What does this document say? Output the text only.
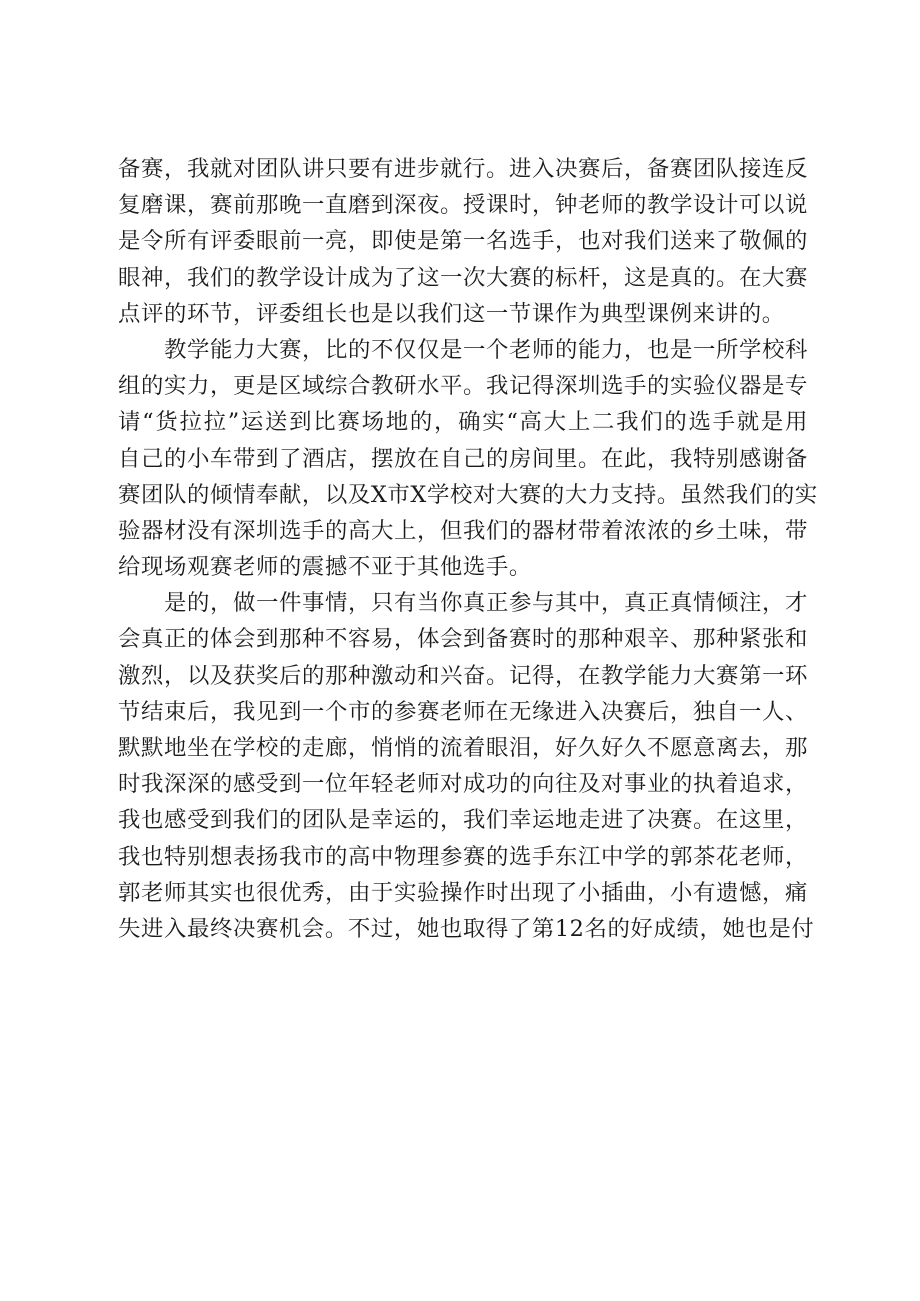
备赛，我就对团队讲只要有进步就行。进入决赛后，备赛团队接连反
复磨课，赛前那晚一直磨到深夜。授课时，钟老师的教学设计可以说
是令所有评委眼前一亮，即使是第一名选手，也对我们送来了敬佩的
眼神，我们的教学设计成为了这一次大赛的标杆，这是真的。在大赛
点评的环节，评委组长也是以我们这一节课作为典型课例来讲的。
教学能力大赛，比的不仅仅是一个老师的能力，也是一所学校科
组的实力，更是区域综合教研水平。我记得深圳选手的实验仪器是专
请“货拉拉”运送到比赛场地的，确实“高大上二我们的选手就是用
自己的小车带到了酒店，摆放在自己的房间里。在此，我特别感谢备
赛团队的倾情奉献，以及X市X学校对大赛的大力支持。虽然我们的实
验器材没有深圳选手的高大上，但我们的器材带着浓浓的乡土味，带
给现场观赛老师的震撼不亚于其他选手。
是的，做一件事情，只有当你真正参与其中，真正真情倾注，才
会真正的体会到那种不容易，体会到备赛时的那种艰辛、那种紧张和
激烈，以及获奖后的那种激动和兴奋。记得，在教学能力大赛第一环
节结束后，我见到一个市的参赛老师在无缘进入决赛后，独自一人、
默默地坐在学校的走廊，悄悄的流着眼泪，好久好久不愿意离去，那
时我深深的感受到一位年轻老师对成功的向往及对事业的执着追求，
我也感受到我们的团队是幸运的，我们幸运地走进了决赛。在这里，
我也特别想表扬我市的高中物理参赛的选手东江中学的郭茶花老师，
郭老师其实也很优秀，由于实验操作时出现了小插曲，小有遗憾，痛
失进入最终决赛机会。不过，她也取得了第12名的好成绩，她也是付
